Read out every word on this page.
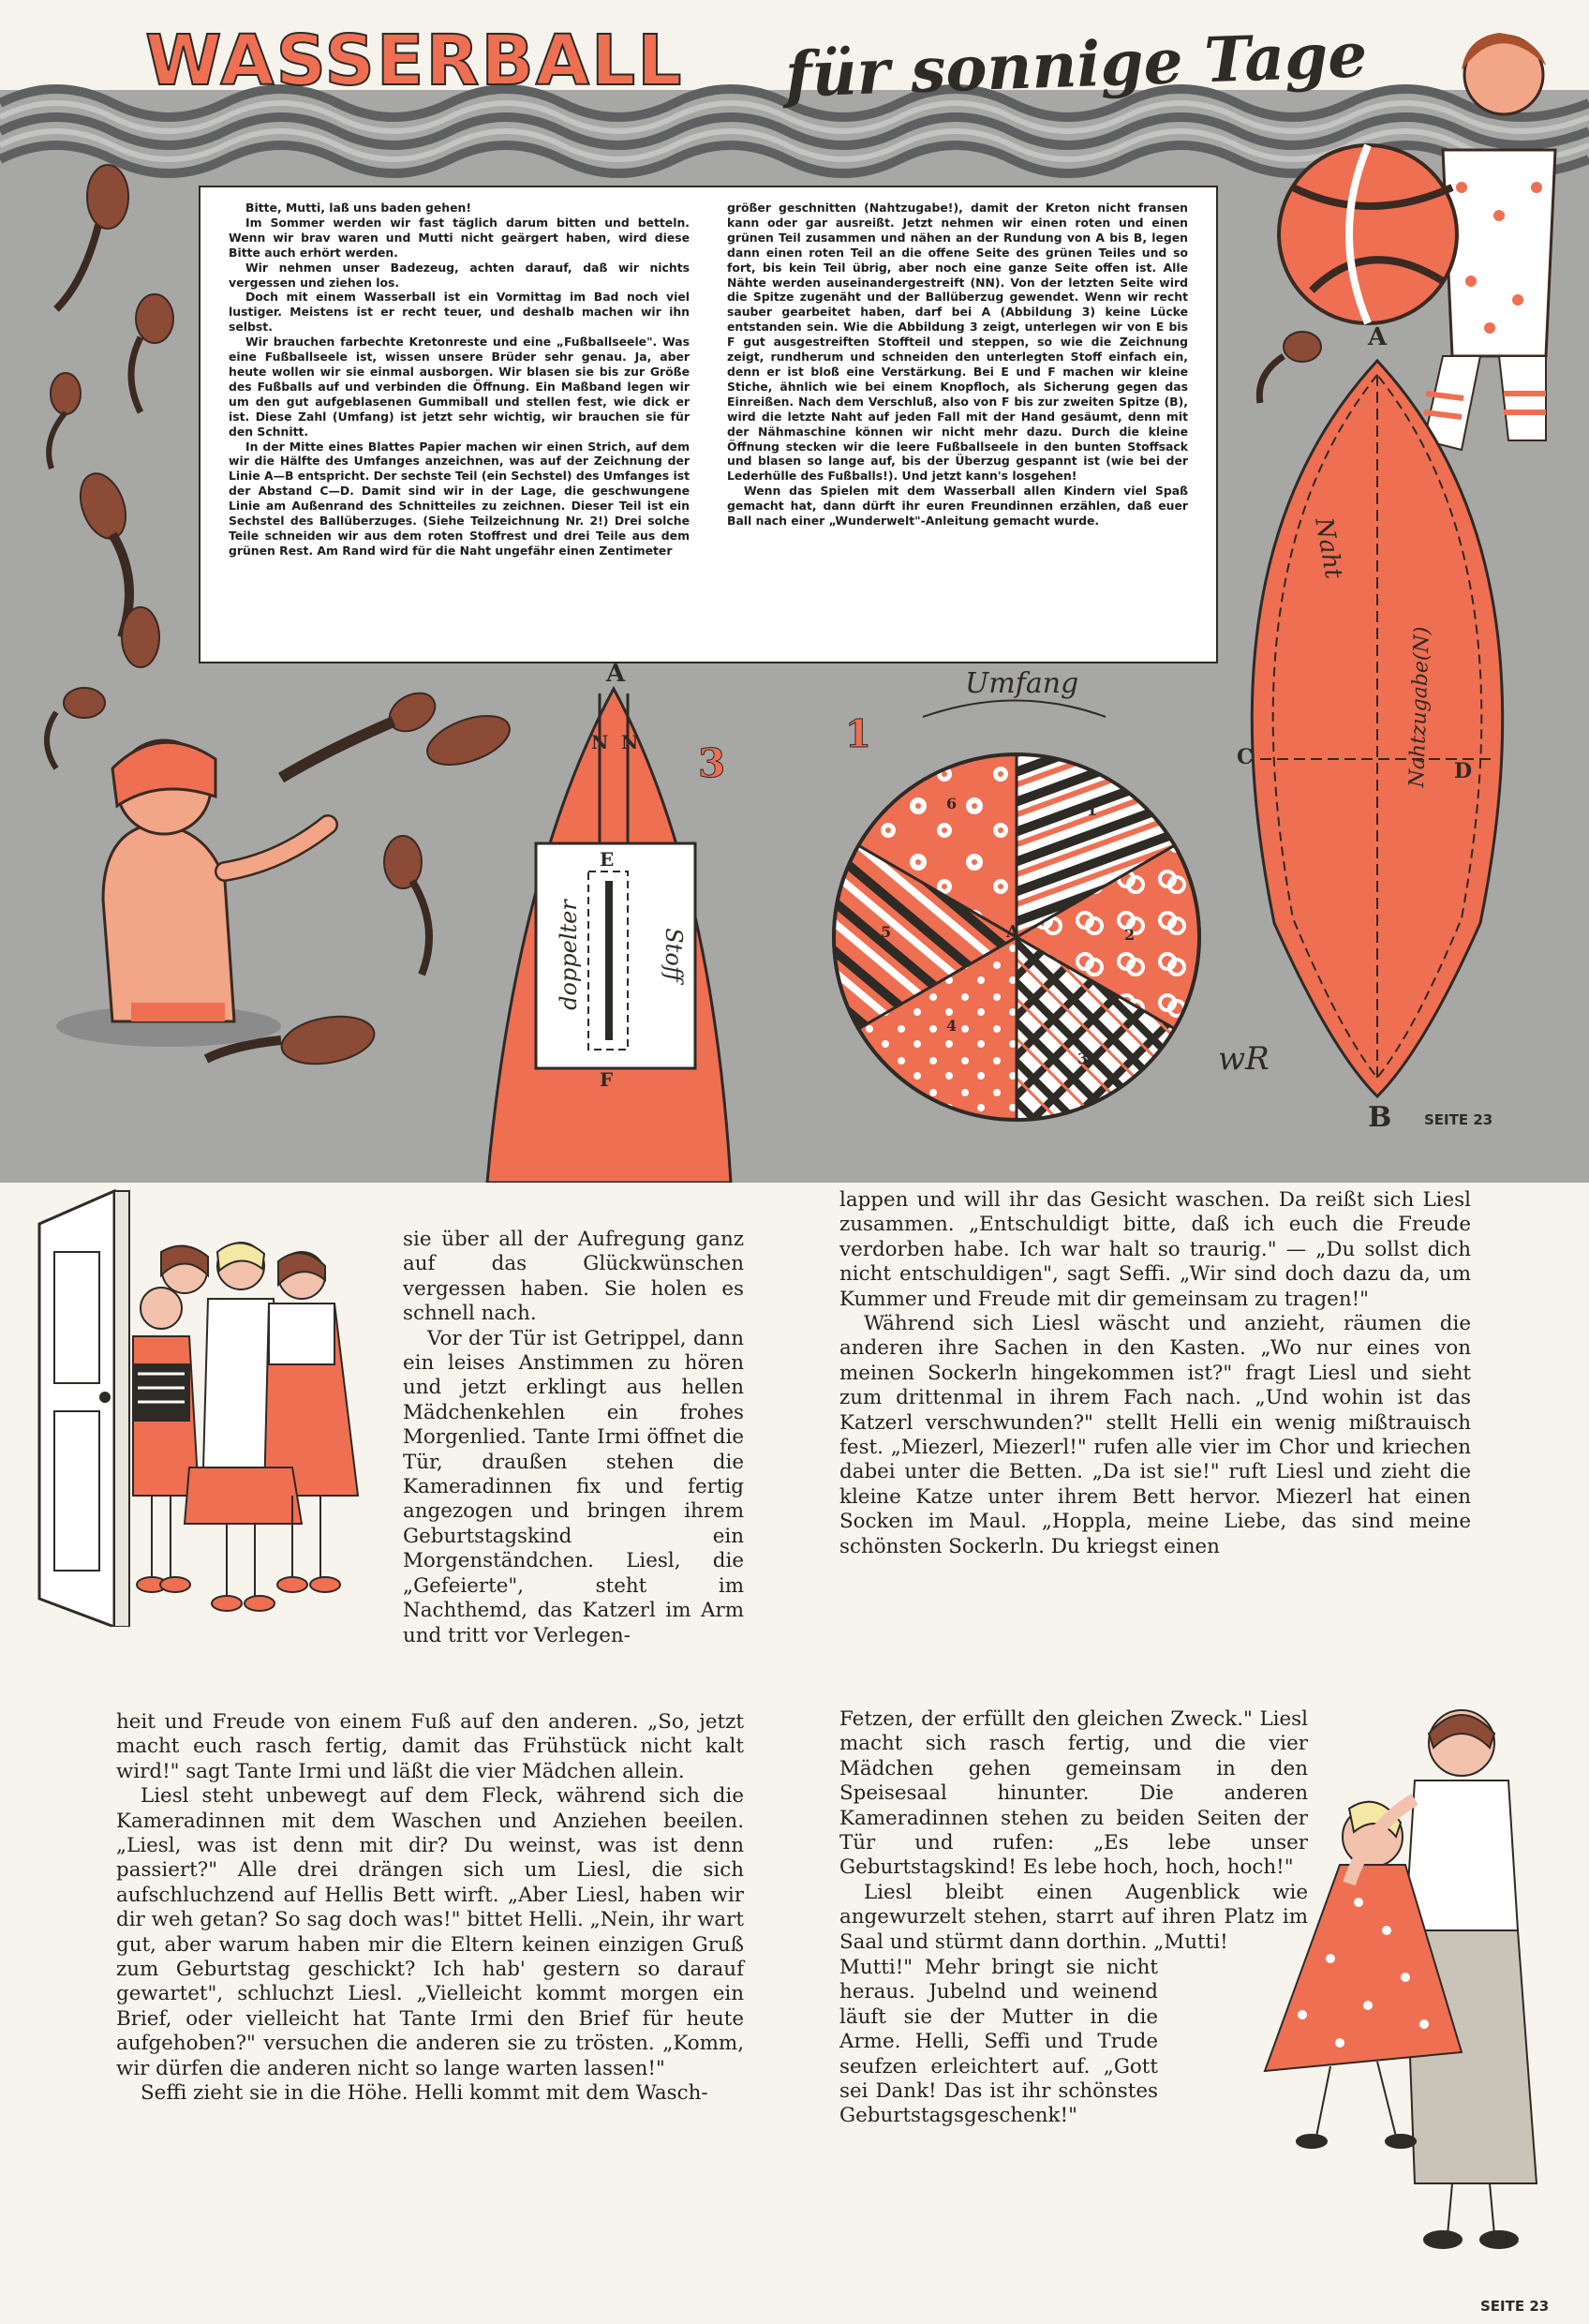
WASSERBALL für sonnige Tage

Bitte, Mutti, laß uns baden gehen!

Im Sommer werden wir fast täglich darum bitten und betteln. Wenn wir brav waren und Mutti nicht geärgert haben, wird diese Bitte auch erhört werden.

Wir nehmen unser Badezeug, achten darauf, daß wir nichts vergessen und ziehen los.

Doch mit einem Wasserball ist ein Vormittag im Bad noch viel lustiger. Meistens ist er recht teuer, und deshalb machen wir ihn selbst.

Wir brauchen farbechte Kretonreste und eine „Fußballseele". Was eine Fußballseele ist, wissen unsere Brüder sehr genau. Ja, aber heute wollen wir sie einmal ausborgen. Wir blasen sie bis zur Größe des Fußballs auf und verbinden die Öffnung. Ein Maßband legen wir um den gut aufgeblasenen Gummiball und stellen fest, wie dick er ist. Diese Zahl (Umfang) ist jetzt sehr wichtig, wir brauchen sie für den Schnitt.

In der Mitte eines Blattes Papier machen wir einen Strich, auf dem wir die Hälfte des Umfanges anzeichnen, was auf der Zeichnung der Linie A—B entspricht. Der sechste Teil (ein Sechstel) des Umfanges ist der Abstand C—D. Damit sind wir in der Lage, die geschwungene Linie am Außenrand des Schnitteiles zu zeichnen. Dieser Teil ist ein Sechstel des Ballüberzuges. (Siehe Teilzeichnung Nr. 2!) Drei solche Teile schneiden wir aus dem roten Stoffrest und drei Teile aus dem grünen Rest. Am Rand wird für die Naht ungefähr einen Zentimeter

größer geschnitten (Nahtzugabe!), damit der Kreton nicht fransen kann oder gar ausreißt. Jetzt nehmen wir einen roten und einen grünen Teil zusammen und nähen an der Rundung von A bis B, legen dann einen roten Teil an die offene Seite des grünen Teiles und so fort, bis kein Teil übrig, aber noch eine ganze Seite offen ist. Alle Nähte werden auseinandergestreift (NN). Von der letzten Seite wird die Spitze zugenäht und der Ballüberzug gewendet. Wenn wir recht sauber gearbeitet haben, darf bei A (Abbildung 3) keine Lücke entstanden sein. Wie die Abbildung 3 zeigt, unterlegen wir von E bis F gut ausgestreiften Stoffteil und steppen, so wie die Zeichnung zeigt, rundherum und schneiden den unterlegten Stoff einfach ein, denn er ist bloß eine Verstärkung. Bei E und F machen wir kleine Stiche, ähnlich wie bei einem Knopfloch, als Sicherung gegen das Einreißen. Nach dem Verschluß, also von F bis zur zweiten Spitze (B), wird die letzte Naht auf jeden Fall mit der Hand gesäumt, denn mit der Nähmaschine können wir nicht mehr dazu. Durch die kleine Öffnung stecken wir die leere Fußballseele in den bunten Stoffsack und blasen so lange auf, bis der Überzug gespannt ist (wie bei der Lederhülle des Fußballs!). Und jetzt kann's losgehen!

Wenn das Spielen mit dem Wasserball allen Kindern viel Spaß gemacht hat, dann dürft ihr euren Freundinnen erzählen, daß euer Ball nach einer „Wunderwelt"-Anleitung gemacht wurde.

A
N N 3
E
F
doppelter	Stoff
1
Umfang
A
1
2
3
4
5
6
wR
A
B
C
D
Naht
Nahtzugabe(N)
SEITE 23

sie über all der Aufregung ganz auf das Glückwünschen vergessen haben. Sie holen es schnell nach.

Vor der Tür ist Getrippel, dann ein leises Anstimmen zu hören und jetzt erklingt aus hellen Mädchenkehlen ein frohes Morgenlied. Tante Irmi öffnet die Tür, draußen stehen die Kameradinnen fix und fertig angezogen und bringen ihrem Geburtstagskind ein Morgenständchen. Liesl, die „Gefeierte", steht im Nachthemd, das Katzerl im Arm und tritt vor Verlegen-

heit und Freude von einem Fuß auf den anderen. „So, jetzt macht euch rasch fertig, damit das Frühstück nicht kalt wird!" sagt Tante Irmi und läßt die vier Mädchen allein.

Liesl steht unbewegt auf dem Fleck, während sich die Kameradinnen mit dem Waschen und Anziehen beeilen. „Liesl, was ist denn mit dir? Du weinst, was ist denn passiert?" Alle drei drängen sich um Liesl, die sich aufschluchzend auf Hellis Bett wirft. „Aber Liesl, haben wir dir weh getan? So sag doch was!" bittet Helli. „Nein, ihr wart gut, aber warum haben mir die Eltern keinen einzigen Gruß zum Geburtstag geschickt? Ich hab' gestern so darauf gewartet", schluchzt Liesl. „Vielleicht kommt morgen ein Brief, oder vielleicht hat Tante Irmi den Brief für heute aufgehoben?" versuchen die anderen sie zu trösten. „Komm, wir dürfen die anderen nicht so lange warten lassen!"

Seffi zieht sie in die Höhe. Helli kommt mit dem Wasch-

lappen und will ihr das Gesicht waschen. Da reißt sich Liesl zusammen. „Entschuldigt bitte, daß ich euch die Freude verdorben habe. Ich war halt so traurig." — „Du sollst dich nicht entschuldigen", sagt Seffi. „Wir sind doch dazu da, um Kummer und Freude mit dir gemeinsam zu tragen!"

Während sich Liesl wäscht und anzieht, räumen die anderen ihre Sachen in den Kasten. „Wo nur eines von meinen Sockerln hingekommen ist?" fragt Liesl und sieht zum drittenmal in ihrem Fach nach. „Und wohin ist das Katzerl verschwunden?" stellt Helli ein wenig mißtrauisch fest. „Miezerl, Miezerl!" rufen alle vier im Chor und kriechen dabei unter die Betten. „Da ist sie!" ruft Liesl und zieht die kleine Katze unter ihrem Bett hervor. Miezerl hat einen Socken im Maul. „Hoppla, meine Liebe, das sind meine schönsten Sockerln. Du kriegst einen

Fetzen, der erfüllt den gleichen Zweck." Liesl macht sich rasch fertig, und die vier Mädchen gehen gemeinsam in den Speisesaal hinunter. Die anderen Kameradinnen stehen zu beiden Seiten der Tür und rufen: „Es lebe unser Geburtstagskind! Es lebe hoch, hoch, hoch!"

Liesl bleibt einen Augenblick wie angewurzelt stehen, starrt auf ihren Platz im Saal und stürmt dann dorthin. „Mutti!

Mutti!" Mehr bringt sie nicht heraus. Jubelnd und weinend läuft sie der Mutter in die Arme. Helli, Seffi und Trude seufzen erleichtert auf. „Gott sei Dank! Das ist ihr schönstes Geburtstagsgeschenk!"

SEITE 23
